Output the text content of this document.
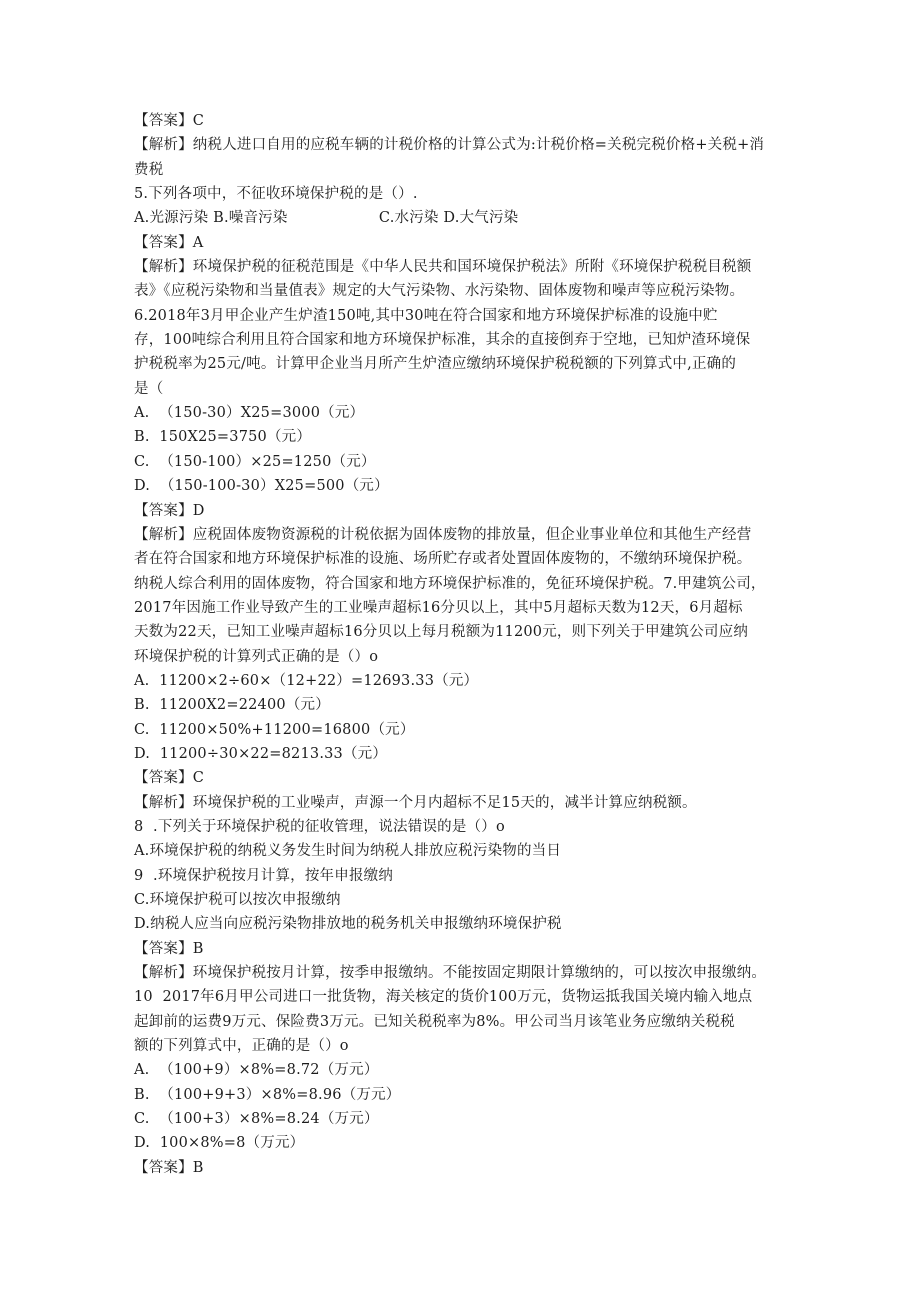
【答案】C
【解析】纳税人进口自用的应税车辆的计税价格的计算公式为:计税价格=关税完税价格+关税+消
费税
5.下列各项中，不征收环境保护税的是（）.
A.光源污染 B.噪音污染                   C.水污染 D.大气污染
【答案】A
【解析】环境保护税的征税范围是《中华人民共和国环境保护税法》所附《环境保护税税目税额
表》《应税污染物和当量值表》规定的大气污染物、水污染物、固体废物和噪声等应税污染物。
6.2018年3月甲企业产生炉渣150吨,其中30吨在符合国家和地方环境保护标准的设施中贮
存，100吨综合利用且符合国家和地方环境保护标准，其余的直接倒弃于空地，已知炉渣环境保
护税税率为25元/吨。计算甲企业当月所产生炉渣应缴纳环境保护税税额的下列算式中,正确的
是（
A.  （150-30）X25=3000（元）
B.  150X25=3750（元）
C.  （150-100）×25=1250（元）
D.  （150-100-30）X25=500（元）
【答案】D
【解析】应税固体废物资源税的计税依据为固体废物的排放量，但企业事业单位和其他生产经营
者在符合国家和地方环境保护标准的设施、场所贮存或者处置固体废物的，不缴纳环境保护税。
纳税人综合利用的固体废物，符合国家和地方环境保护标准的，免征环境保护税。7.甲建筑公司，
2017年因施工作业导致产生的工业噪声超标16分贝以上，其中5月超标天数为12天，6月超标
天数为22天，已知工业噪声超标16分贝以上每月税额为11200元，则下列关于甲建筑公司应纳
环境保护税的计算列式正确的是（）o
A.  11200×2÷60×（12+22）=12693.33（元）
B.  11200X2=22400（元）
C.  11200×50%+11200=16800（元）
D.  11200÷30×22=8213.33（元）
【答案】C
【解析】环境保护税的工业噪声，声源一个月内超标不足15天的，减半计算应纳税额。
8  .下列关于环境保护税的征收管理，说法错误的是（）o
A.环境保护税的纳税义务发生时间为纳税人排放应税污染物的当日
9  .环境保护税按月计算，按年申报缴纳
C.环境保护税可以按次申报缴纳
D.纳税人应当向应税污染物排放地的税务机关申报缴纳环境保护税
【答案】B
【解析】环境保护税按月计算，按季申报缴纳。不能按固定期限计算缴纳的，可以按次申报缴纳。
10  2017年6月甲公司进口一批货物，海关核定的货价100万元，货物运抵我国关境内输入地点
起卸前的运费9万元、保险费3万元。已知关税税率为8%。甲公司当月该笔业务应缴纳关税税
额的下列算式中，正确的是（）o
A.  （100+9）×8%=8.72（万元）
B.  （100+9+3）×8%=8.96（万元）
C.  （100+3）×8%=8.24（万元）
D.  100×8%=8（万元）
【答案】B
